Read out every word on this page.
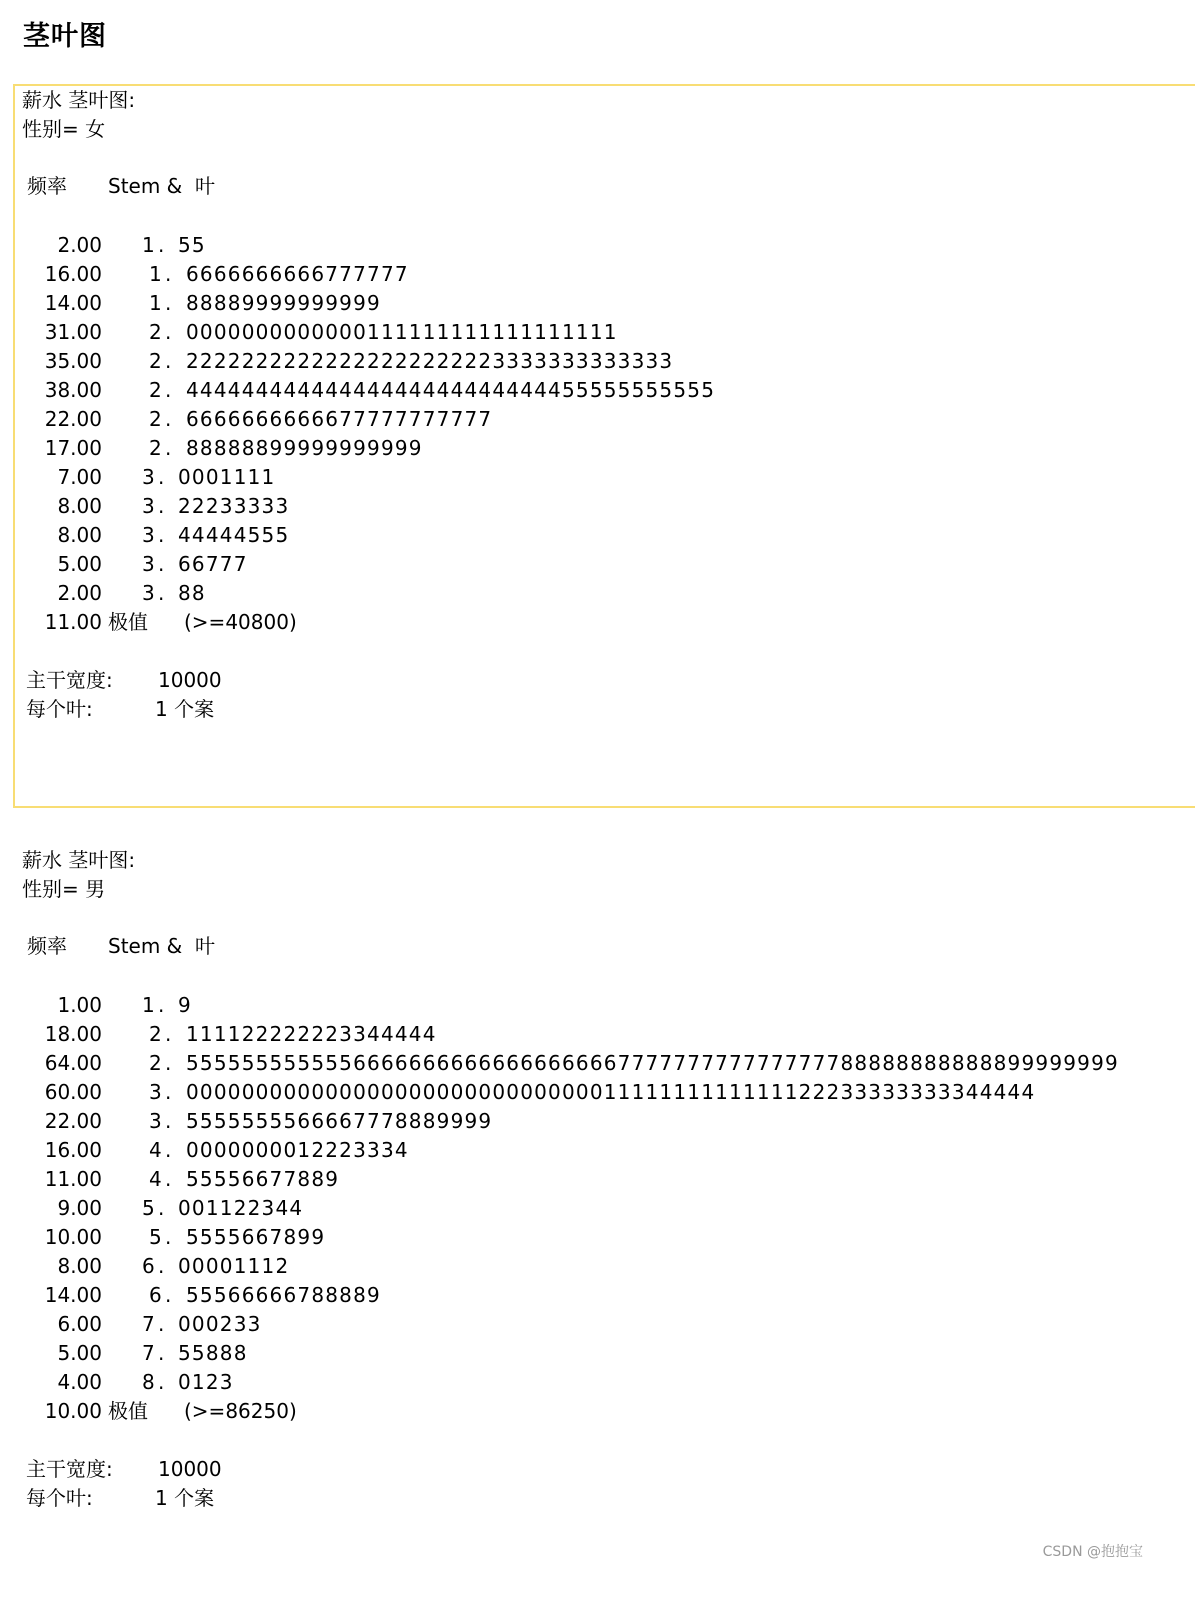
茎叶图
薪水 茎叶图:
性别= 女
频率 Stem &  叶
2.00 1 . 55
16.00 1 . 6666666666777777
14.00 1 . 88889999999999
31.00 2 . 0000000000000111111111111111111
35.00 2 . 22222222222222222222223333333333333
38.00 2 . 44444444444444444444444444455555555555
22.00 2 . 6666666666677777777777
17.00 2 . 88888899999999999
7.00 3 . 0001111
8.00 3 . 22233333
8.00 3 . 44444555
5.00 3 . 66777
2.00 3 . 88
11.00 极值 (>=40800)
主干宽度: 10000
每个叶:	1 个案
薪水 茎叶图:
性别= 男
频率 Stem &  叶
1.00 1 . 9
18.00 2 . 111122222223344444
64.00 2 . 5555555555556666666666666666666777777777777777788888888888899999999
60.00 3 . 0000000000000000000000000000001111111111111122233333333344444
22.00 3 . 5555555566667778889999
16.00 4 . 0000000012223334
11.00 4 . 55556677889
9.00 5 . 001122344
10.00 5 . 5555667899
8.00 6 . 00001112
14.00 6 . 55566666788889
6.00 7 . 000233
5.00 7 . 55888
4.00 8 . 0123
10.00 极值 (>=86250)
主干宽度: 10000
每个叶:	1 个案
CSDN @抱抱宝
